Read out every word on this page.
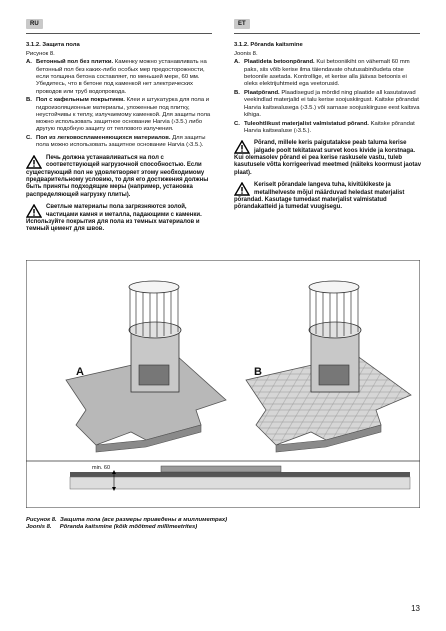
RU	ET

3.1.2. Защита пола

Рисунок 8.

A. Бетонный пол без плитки. Каменку можно устанавливать на бетонный пол без каких-либо особых мер предосторожности, если толщина бетона составляет, по меньшей мере, 60 мм. Убедитесь, что в бетоне под каменкой нет электрических проводов или труб водопровода.

B. Пол с кафельным покрытием. Клеи и штукатурка для пола и гидроизоляционные материалы, уложенные под плитку, неустойчивы к теплу, излучаемому каменкой. Для защиты пола можно использовать защитное основание Harvia (›3.5.) либо другую подобную защиту от теплового излучения.

C. Пол из легковоспламеняющихся материалов. Для защиты пола можно использовать защитное основание Harvia (›3.5.).

Печь должна устанавливаться на пол с соответствующей нагрузочной способностью. Если существующий пол не удовлетворяет этому необходимому предварительному условию, то для его достижения должны быть приняты подходящие меры (например, установка распределяющей нагрузку плиты).
Светлые материалы пола загрязняются золой, частицами камня и металла, падающими с каменки. Используйте покрытия для пола из темных материалов и темный цемент для швов.

3.1.2. Põranda kaitsmine

Joonis 8.

A. Plaatideta betoonpõrand. Kui betooniikiht on vähemalt 60 mm paks, siis võib kerise ilma täiendavate ohutusabinõudeta otse betoonile asetada. Kontrollige, et kerise alla jäävas betoonis ei oleks elektrijuhtmeid ega veetorusid.

B. Plaatpõrand. Plaadisegud ja mördid ning plaatide all kasutatavad veekindlad materjalid ei talu kerise soojuskiirgust. Kaitske põrandat Harvia kaitsealusega (›3.5.) või sarnase soojuskiirguse eest kaitsva kihiga.

C. Tuleohtlikust materjalist valmistatud põrand. Kaitske põrandat Harvia kaitsealuse (›3.5.).

Põrand, millele keris paigutatakse peab taluma kerise jalgade poolt tekitatavat survet koos kivide ja korstnaga. Kui olemasolev põrand ei pea kerise raskusele vastu, tuleb kasutusele võtta korrigeerivad meetmed (näiteks koormust jaotav plaat).
Keriselt põrandale langeva tuha, kivitükikeste ja metallhelveste mõjul määrduvad heledast materjalist põrandad. Kasutage tumedast materjalist valmistatud põrandakatteid ja tumedat vuugisegu.
A	B
min. 60
Рисунок 8. Защита пола (все размеры приведены в миллиметрах)
Joonis 8. Põranda kaitsmine (kõik mõõtmed millimeetrites)
13
